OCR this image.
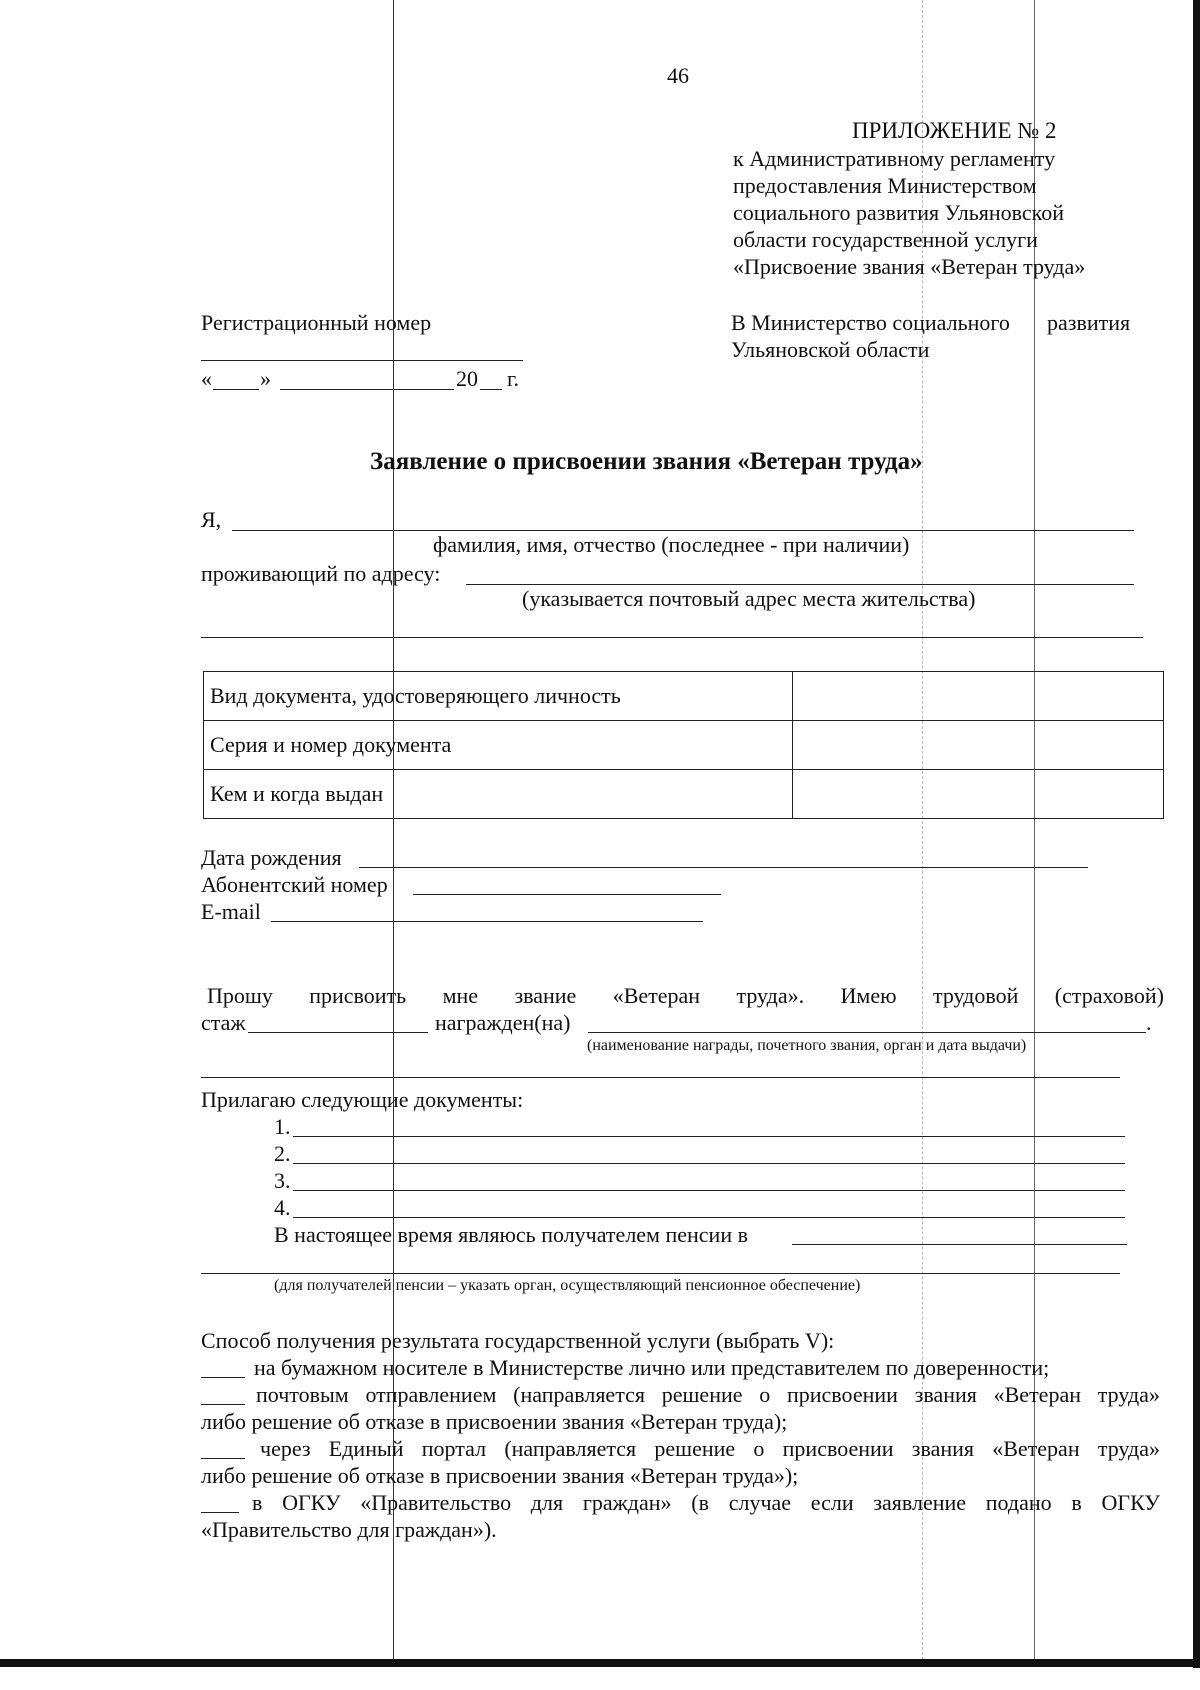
46
ПРИЛОЖЕНИЕ № 2
к Административному регламенту
предоставления Министерством
социального развития Ульяновской
области государственной услуги
«Присвоение звания «Ветеран труда»
Регистрационный номер
« »	20 г.
В Министерство социального развития
Ульяновской области
Заявление о присвоении звания «Ветеран труда»
Я,
фамилия, имя, отчество (последнее - при наличии)
проживающий по адресу:
(указывается почтовый адрес места жительства)
Вид документа, удостоверяющего личность	
Серия и номер документа	
Кем и когда выдан	
Дата рождения
Абонентский номер
E-mail
Прошу присвоить мне звание «Ветеран труда». Имею трудовой (страховой)
стаж	награжден(на)	.
(наименование награды, почетного звания, орган и дата выдачи)
Прилагаю следующие документы:
1.
2.
3.
4.
В настоящее время являюсь получателем пенсии в
(для получателей пенсии – указать орган, осуществляющий пенсионное обеспечение)
Способ получения результата государственной услуги (выбрать V):
на бумажном носителе в Министерстве лично или представителем по доверенности;
почтовым отправлением (направляется решение о присвоении звания «Ветеран труда»
либо решение об отказе в присвоении звания «Ветеран труда);
через Единый портал (направляется решение о присвоении звания «Ветеран труда»
либо решение об отказе в присвоении звания «Ветеран труда»);
в ОГКУ «Правительство для граждан» (в случае если заявление подано в ОГКУ
«Правительство для граждан»).
